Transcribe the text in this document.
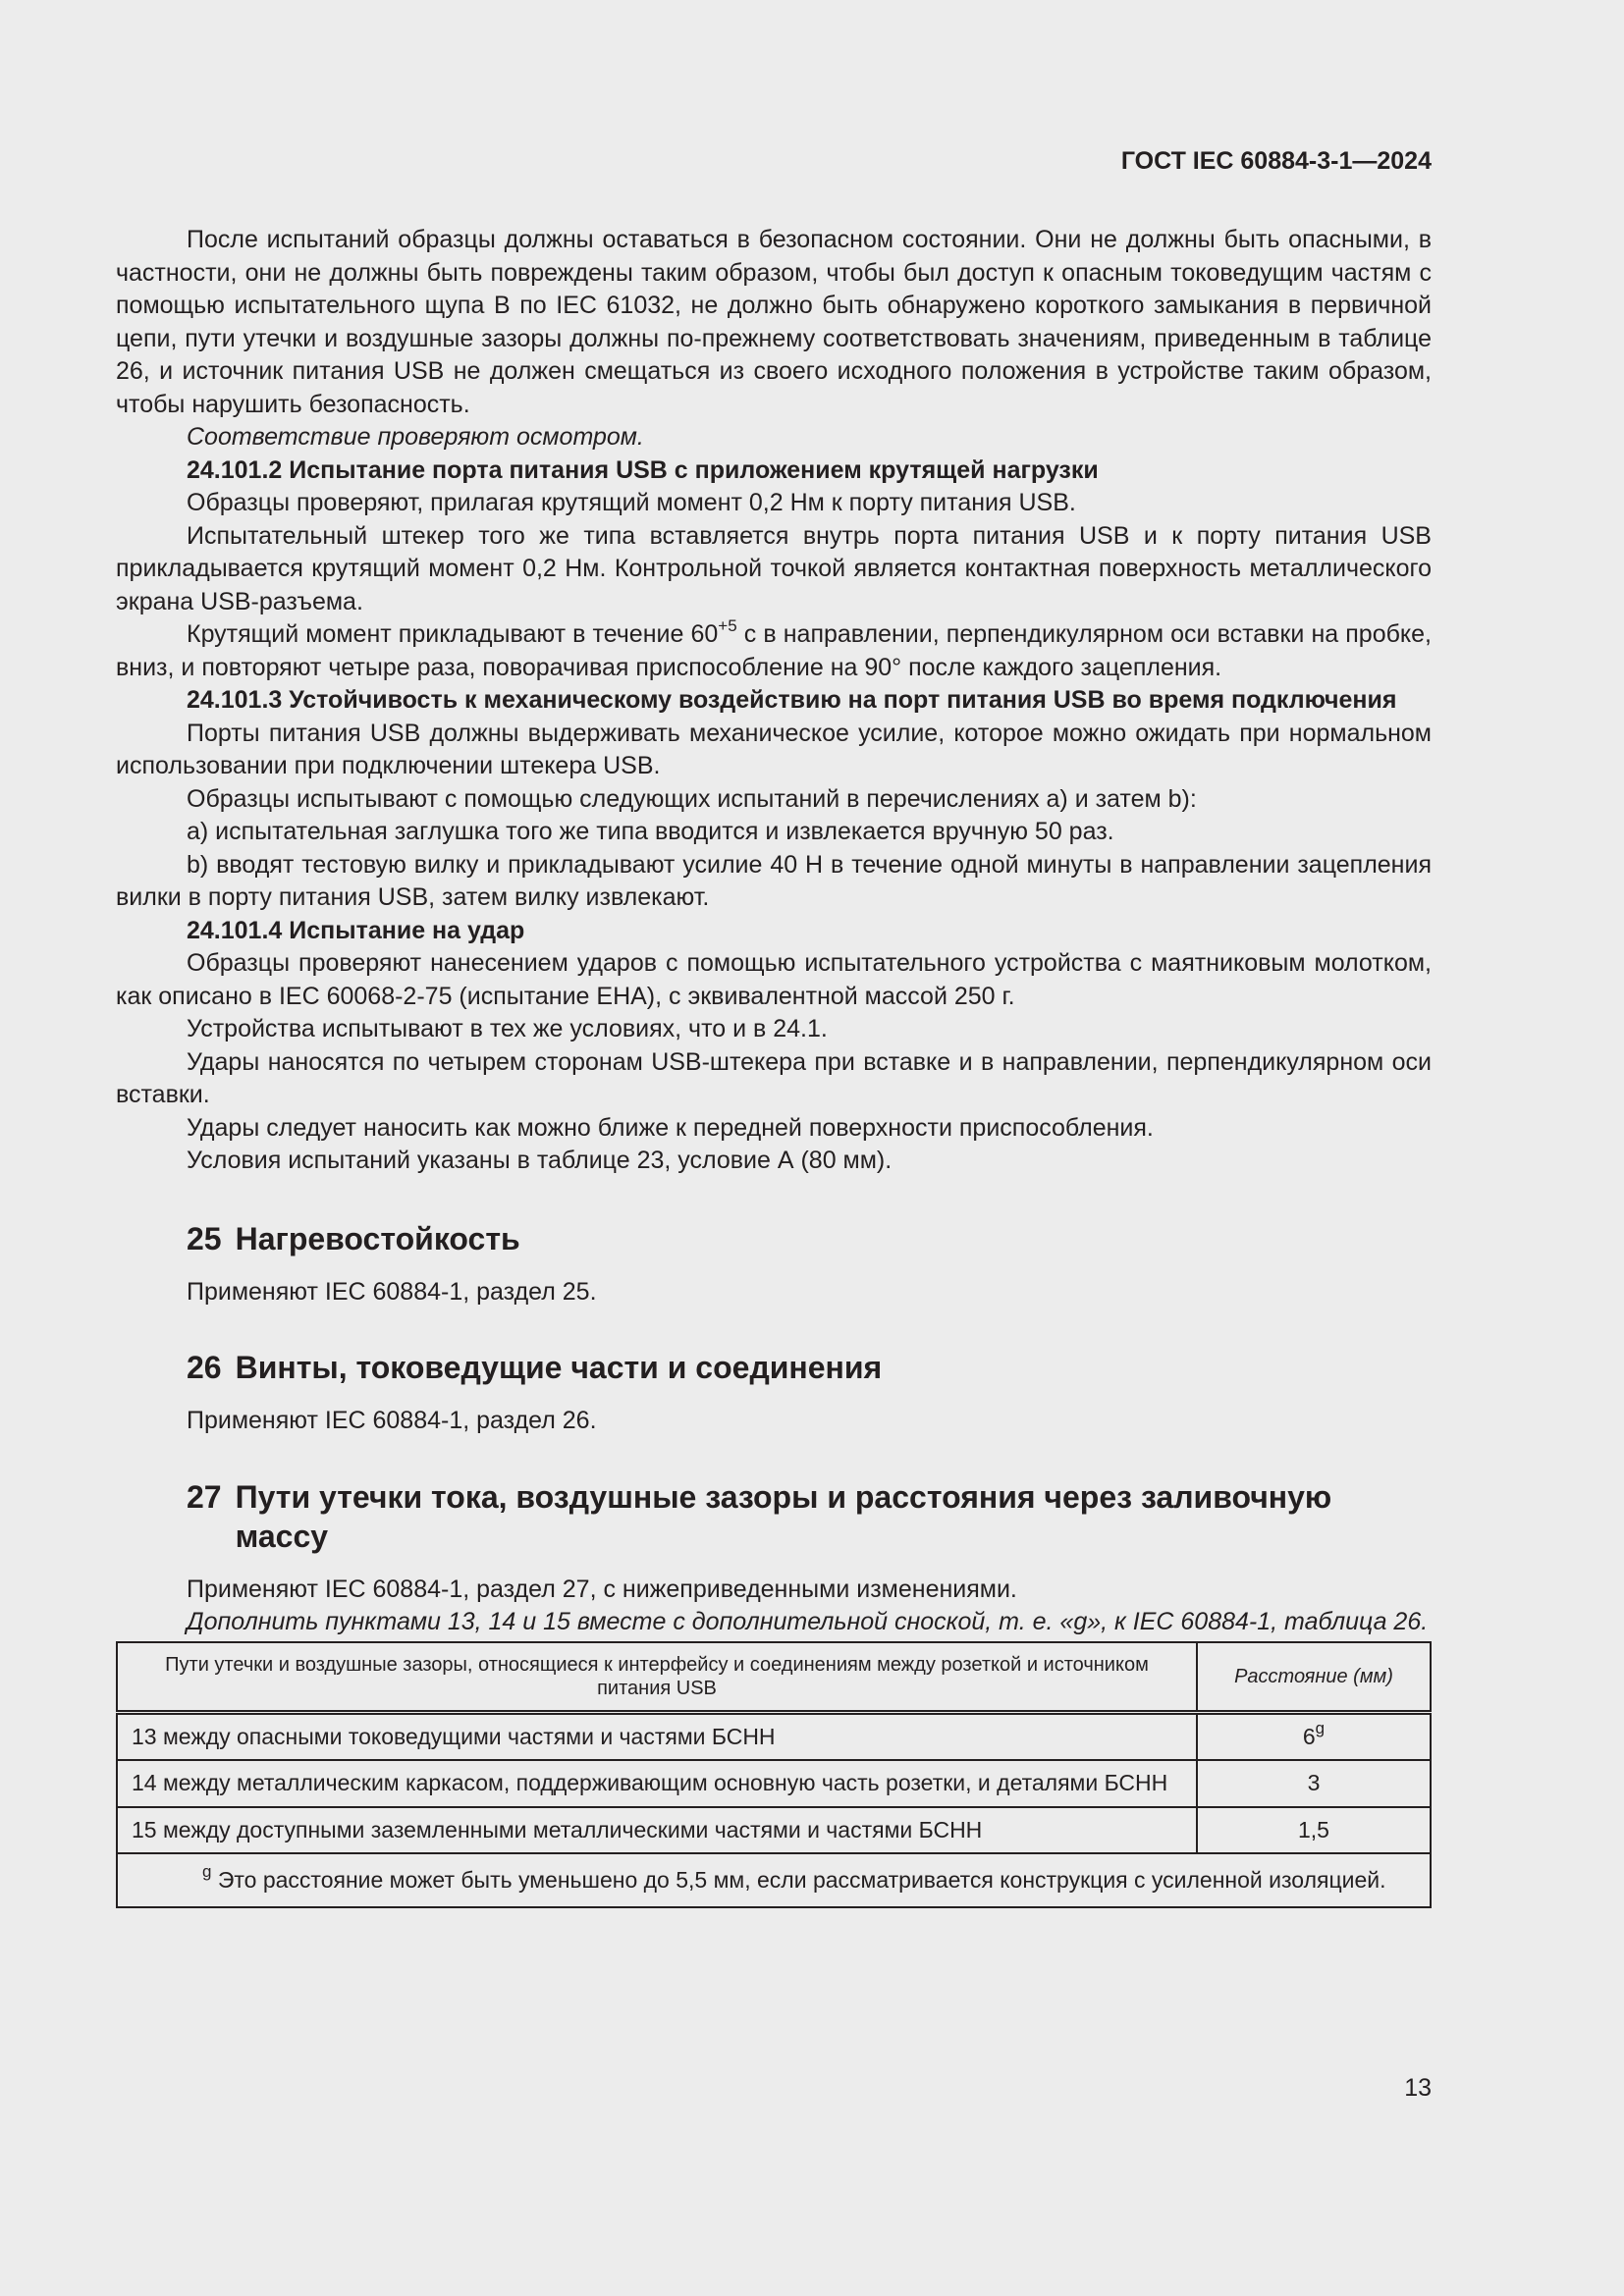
ГОСТ IEC 60884-3-1—2024

После испытаний образцы должны оставаться в безопасном состоянии. Они не должны быть опасными, в частности, они не должны быть повреждены таким образом, чтобы был доступ к опасным токоведущим частям с помощью испытательного щупа В по IEC 61032, не должно быть обнаружено короткого замыкания в первичной цепи, пути утечки и воздушные зазоры должны по-прежнему соответствовать значениям, приведенным в таблице 26, и источник питания USB не должен смещаться из своего исходного положения в устройстве таким образом, чтобы нарушить безопасность.

Соответствие проверяют осмотром.

24.101.2 Испытание порта питания USB с приложением крутящей нагрузки

Образцы проверяют, прилагая крутящий момент 0,2 Нм к порту питания USB.

Испытательный штекер того же типа вставляется внутрь порта питания USB и к порту питания USB прикладывается крутящий момент 0,2 Нм. Контрольной точкой является контактная поверхность металлического экрана USB-разъема.

Крутящий момент прикладывают в течение $60^{+5}$ с в направлении, перпендикулярном оси вставки на пробке, вниз, и повторяют четыре раза, поворачивая приспособление на 90° после каждого зацепления.

24.101.3 Устойчивость к механическому воздействию на порт питания USB во время подключения

Порты питания USB должны выдерживать механическое усилие, которое можно ожидать при нормальном использовании при подключении штекера USB.

Образцы испытывают с помощью следующих испытаний в перечислениях а) и затем b):

а) испытательная заглушка того же типа вводится и извлекается вручную 50 раз.

b) вводят тестовую вилку и прикладывают усилие 40 Н в течение одной минуты в направлении зацепления вилки в порту питания USB, затем вилку извлекают.

24.101.4 Испытание на удар

Образцы проверяют нанесением ударов с помощью испытательного устройства с маятниковым молотком, как описано в IEC 60068-2-75 (испытание ЕНА), с эквивалентной массой 250 г.

Устройства испытывают в тех же условиях, что и в 24.1.

Удары наносятся по четырем сторонам USB-штекера при вставке и в направлении, перпендикулярном оси вставки.

Удары следует наносить как можно ближе к передней поверхности приспособления.

Условия испытаний указаны в таблице 23, условие А (80 мм).

25 Нагревостойкость

Применяют IEC 60884-1, раздел 25.

26 Винты, токоведущие части и соединения

Применяют IEC 60884-1, раздел 26.

27 Пути утечки тока, воздушные зазоры и расстояния через заливочную массу

Применяют IEC 60884-1, раздел 27, с нижеприведенными изменениями.

Дополнить пунктами 13, 14 и 15 вместе с дополнительной сноской, т. е. «g», к IEC 60884-1, таблица 26.

Пути утечки и воздушные зазоры, относящиеся к интерфейсу и соединениям между розеткой и источником питания USB	Расстояние (мм)
13 между опасными токоведущими частями и частями БСНН	6$^g$
14 между металлическим каркасом, поддерживающим основную часть розетки, и деталями БСНН	3
15 между доступными заземленными металлическими частями и частями БСНН	1,5
$^g$ Это расстояние может быть уменьшено до 5,5 мм, если рассматривается конструкция с усиленной изоляцией.	
13
